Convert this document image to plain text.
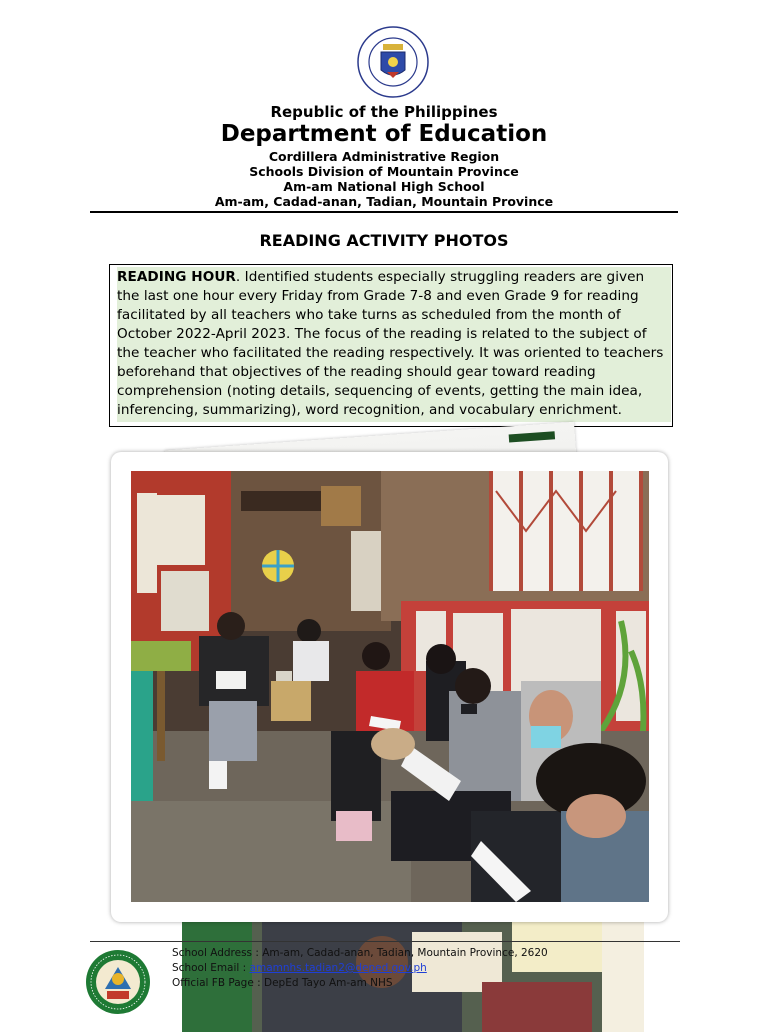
Republic of the Philippines
Department of Education
Cordillera Administrative Region
Schools Division of Mountain Province
Am-am National High School
Am-am, Cadad-anan, Tadian, Mountain Province
READING ACTIVITY PHOTOS
READING HOUR. Identified students especially struggling readers are given the last one hour every Friday from Grade 7-8 and even Grade 9 for reading facilitated by all teachers who take turns as scheduled from the month of October 2022-April 2023. The focus of the reading is related to the subject of the teacher who facilitated the reading respectively. It was oriented to teachers beforehand that objectives of the reading should gear toward reading comprehension (noting details, sequencing of events, getting the main idea, inferencing, summarizing), word recognition, and vocabulary enrichment.
School Address : Am-am, Cadad-anan, Tadian, Mountain Province, 2620
School Email : amamnhs.tadian2@deped.gov.ph
Official FB Page : DepEd Tayo Am-am NHS
